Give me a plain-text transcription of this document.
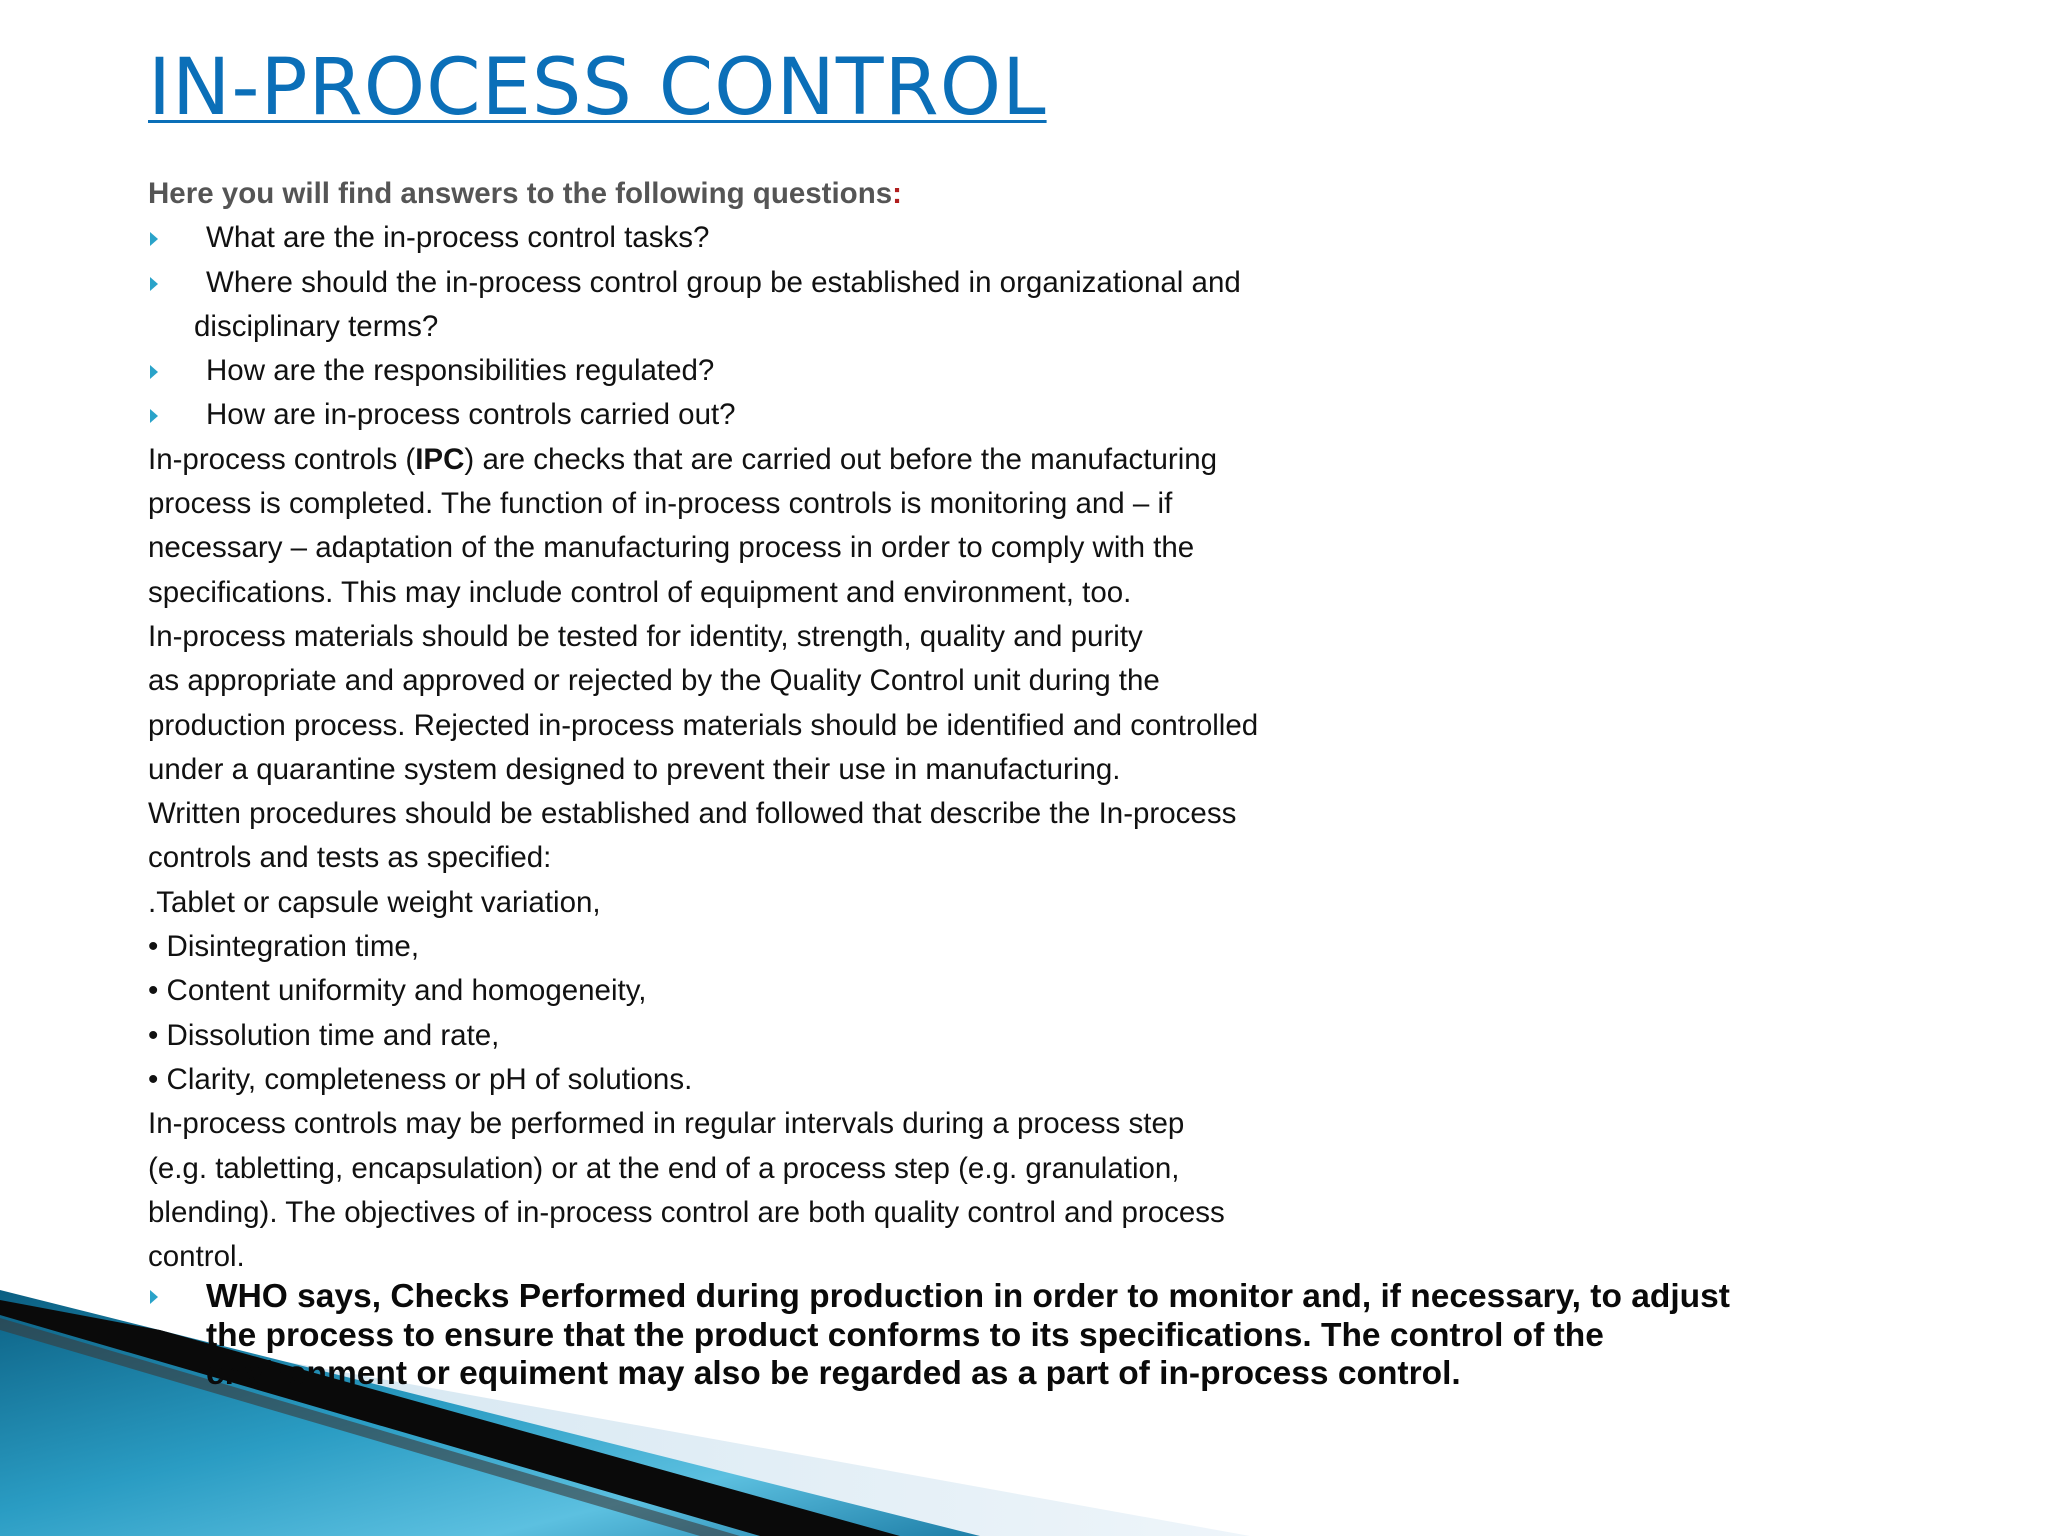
IN-PROCESS CONTROL
Here you will find answers to the following questions:
What are the in-process control tasks?
Where should the in-process control group be established in organizational and
disciplinary terms?
How are the responsibilities regulated?
How are in-process controls carried out?
In-process controls (IPC) are checks that are carried out before the manufacturing
process is completed. The function of in-process controls is monitoring and – if
necessary – adaptation of the manufacturing process in order to comply with the
specifications. This may include control of equipment and environment, too.
In-process materials should be tested for identity, strength, quality and purity
as appropriate and approved or rejected by the Quality Control unit during the
production process. Rejected in-process materials should be identified and controlled
under a quarantine system designed to prevent their use in manufacturing.
Written procedures should be established and followed that describe the In-process
controls and tests as specified:
.Tablet or capsule weight variation,
• Disintegration time,
• Content uniformity and homogeneity,
• Dissolution time and rate,
• Clarity, completeness or pH of solutions.
In-process controls may be performed in regular intervals during a process step
(e.g. tabletting, encapsulation) or at the end of a process step (e.g. granulation,
blending). The objectives of in-process control are both quality control and process
control.
WHO says, Checks Performed during production in order to monitor and, if necessary, to adjust
the process to ensure that the product conforms to its specifications. The control of the
environment or equiment may also be regarded as a part of in-process control.
